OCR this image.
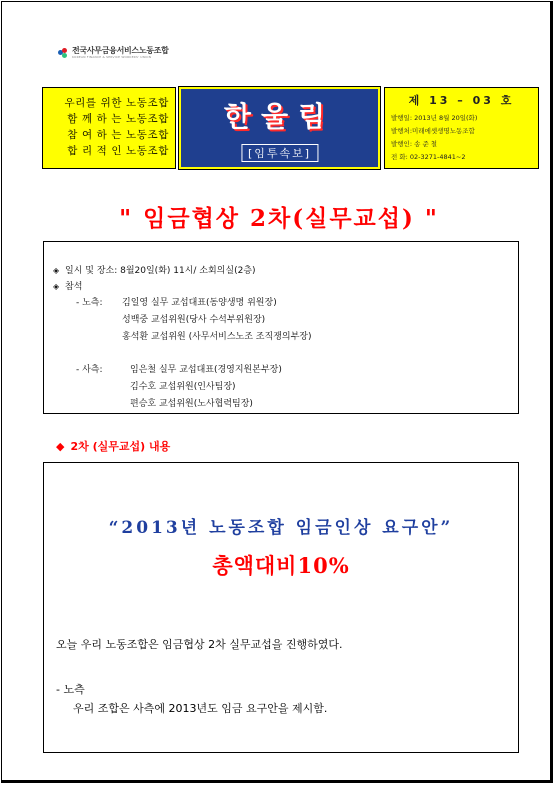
전국사무금융서비스노동조합
KOREAN FINANCE & SERVICE WORKERS' UNION
우리를 위한 노동조합
함 께 하 는 노동조합
참 여 하 는 노동조합
합 리 적 인 노동조합
한울림
[임투속보]
제 13 – 03 호
발행일: 2013년 8월 20일(화)
발행처:미래에셋생명노동조합
발행인: 송 준 철
전 화: 02-3271-4841~2
" 임금협상 2차(실무교섭) "
◈ 일시 및 장소: 8월20일(화) 11시/ 소회의실(2층)
◈ 참석
- 노측: 김일영 실무 교섭대표(동양생명 위원장)
성백중 교섭위원(당사 수석부위원장)
홍석환 교섭위원 (사무서비스노조 조직쟁의부장)
- 사측:	임은철 실무 교섭대표(경영지원본부장)
김수호 교섭위원(인사팀장)
편승호 교섭위원(노사협력팀장)
◆ 2차 (실무교섭) 내용
“2013년 노동조합 임금인상 요구안”
총액대비10%
오늘 우리 노동조합은 임금협상 2차 실무교섭을 진행하였다.
- 노측
우리 조합은 사측에 2013년도 임금 요구안을 제시함.
